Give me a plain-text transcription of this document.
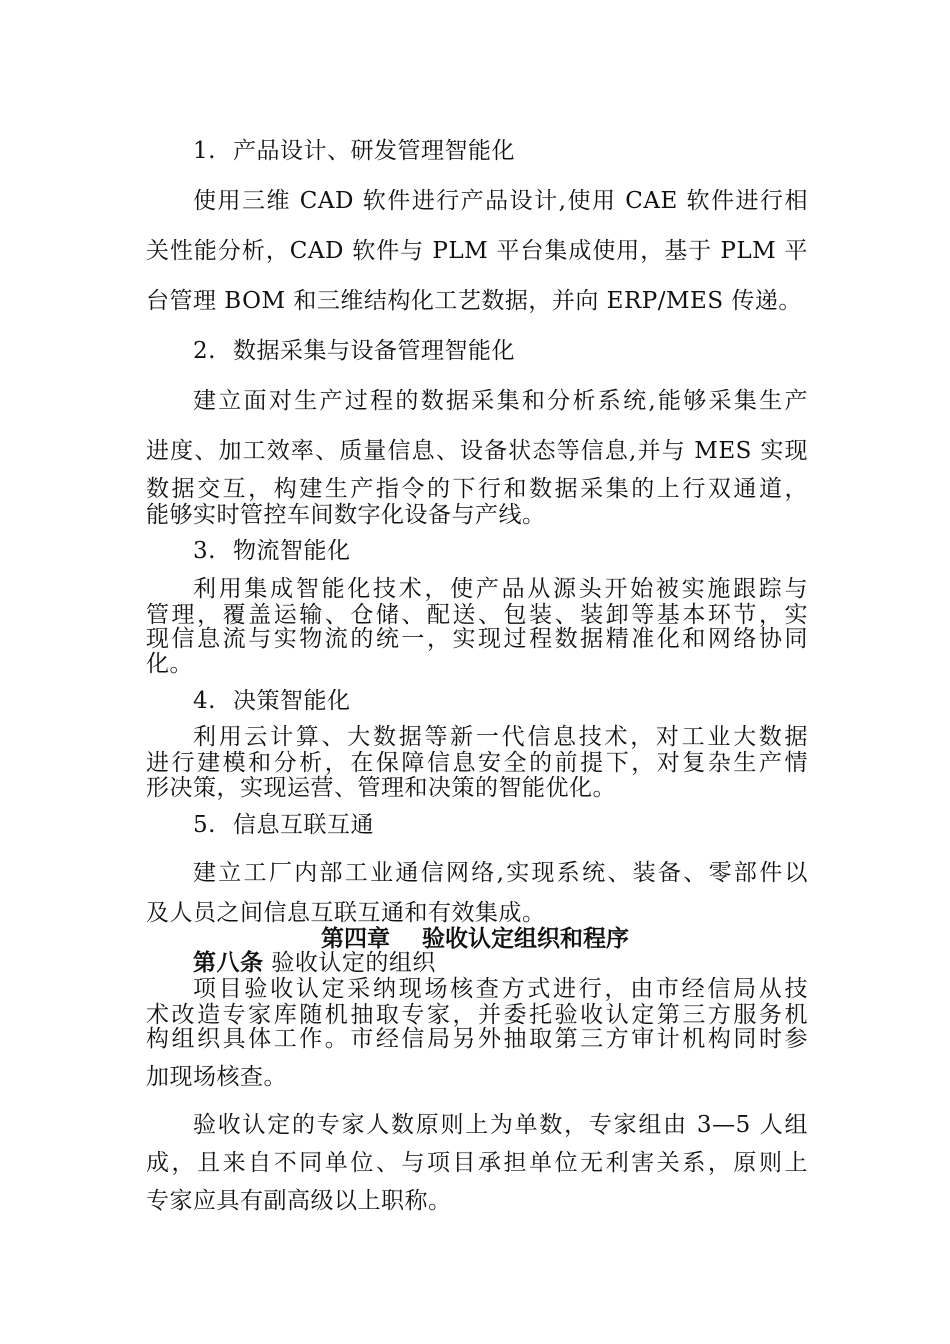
1. 产品设计、研发管理智能化

使用三维 CAD 软件进行产品设计,使用 CAE 软件进行相

关性能分析，CAD 软件与 PLM 平台集成使用，基于 PLM 平

台管理 BOM 和三维结构化工艺数据，并向 ERP/MES 传递。

2. 数据采集与设备管理智能化

建立面对生产过程的数据采集和分析系统,能够采集生产

进度、加工效率、质量信息、设备状态等信息,并与 MES 实现

数据交互，构建生产指令的下行和数据采集的上行双通道，

能够实时管控车间数字化设备与产线。

3. 物流智能化

利用集成智能化技术，使产品从源头开始被实施跟踪与

管理，覆盖运输、仓储、配送、包装、装卸等基本环节，实

现信息流与实物流的统一，实现过程数据精准化和网络协同

化。

4. 决策智能化

利用云计算、大数据等新一代信息技术，对工业大数据

进行建模和分析，在保障信息安全的前提下，对复杂生产情

形决策，实现运营、管理和决策的智能优化。

5. 信息互联互通

建立工厂内部工业通信网络,实现系统、装备、零部件以

及人员之间信息互联互通和有效集成。

第四章 验收认定组织和程序

第八条 验收认定的组织

项目验收认定采纳现场核查方式进行，由市经信局从技

术改造专家库随机抽取专家，并委托验收认定第三方服务机

构组织具体工作。市经信局另外抽取第三方审计机构同时参

加现场核查。

验收认定的专家人数原则上为单数，专家组由 3—5 人组

成，且来自不同单位、与项目承担单位无利害关系，原则上

专家应具有副高级以上职称。
